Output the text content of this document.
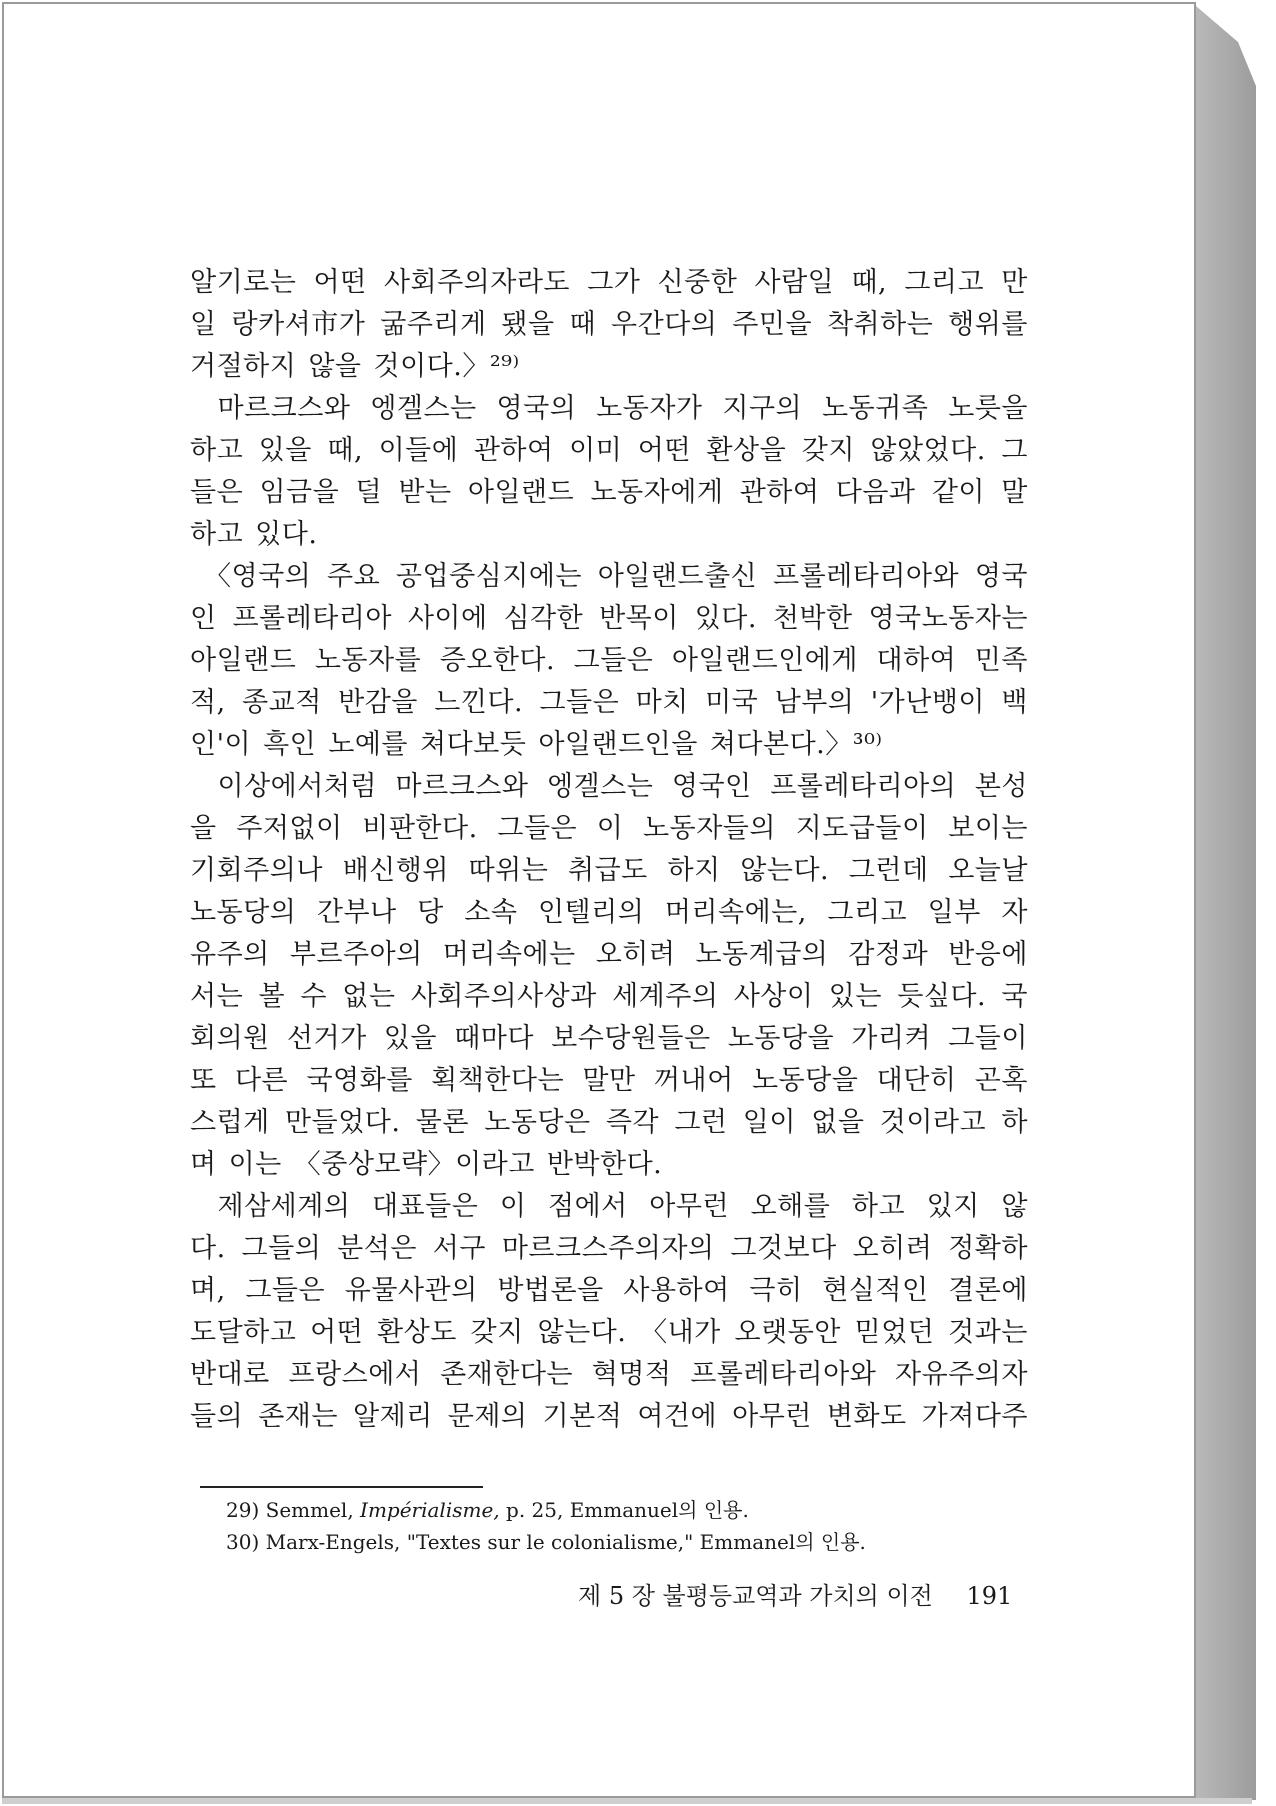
알기로는 어떤 사회주의자라도 그가 신중한 사람일 때, 그리고 만
일 랑카셔市가 굶주리게 됐을 때 우간다의 주민을 착취하는 행위를
거절하지 않을 것이다.〉²⁹⁾
　마르크스와 엥겔스는 영국의 노동자가 지구의 노동귀족 노릇을
하고 있을 때, 이들에 관하여 이미 어떤 환상을 갖지 않았었다. 그
들은 임금을 덜 받는 아일랜드 노동자에게 관하여 다음과 같이 말
하고 있다.
　〈영국의 주요 공업중심지에는 아일랜드출신 프롤레타리아와 영국
인 프롤레타리아 사이에 심각한 반목이 있다. 천박한 영국노동자는
아일랜드 노동자를 증오한다. 그들은 아일랜드인에게 대하여 민족
적, 종교적 반감을 느낀다. 그들은 마치 미국 남부의 '가난뱅이 백
인'이 흑인 노예를 쳐다보듯 아일랜드인을 쳐다본다.〉³⁰⁾
　이상에서처럼 마르크스와 엥겔스는 영국인 프롤레타리아의 본성
을 주저없이 비판한다. 그들은 이 노동자들의 지도급들이 보이는
기회주의나 배신행위 따위는 취급도 하지 않는다. 그런데 오늘날
노동당의 간부나 당 소속 인텔리의 머리속에는, 그리고 일부 자
유주의 부르주아의 머리속에는 오히려 노동계급의 감정과 반응에
서는 볼 수 없는 사회주의사상과 세계주의 사상이 있는 듯싶다. 국
회의원 선거가 있을 때마다 보수당원들은 노동당을 가리켜 그들이
또 다른 국영화를 획책한다는 말만 꺼내어 노동당을 대단히 곤혹
스럽게 만들었다. 물론 노동당은 즉각 그런 일이 없을 것이라고 하
며 이는 〈중상모략〉이라고 반박한다.
　제삼세계의 대표들은 이 점에서 아무런 오해를 하고 있지 않
다. 그들의 분석은 서구 마르크스주의자의 그것보다 오히려 정확하
며, 그들은 유물사관의 방법론을 사용하여 극히 현실적인 결론에
도달하고 어떤 환상도 갖지 않는다. 〈내가 오랫동안 믿었던 것과는
반대로 프랑스에서 존재한다는 혁명적 프롤레타리아와 자유주의자
들의 존재는 알제리 문제의 기본적 여건에 아무런 변화도 가져다주
29) Semmel, Impérialisme, p. 25, Emmanuel의 인용.
30) Marx-Engels, "Textes sur le colonialisme," Emmanel의 인용.
제 5 장 불평등교역과 가치의 이전 191
